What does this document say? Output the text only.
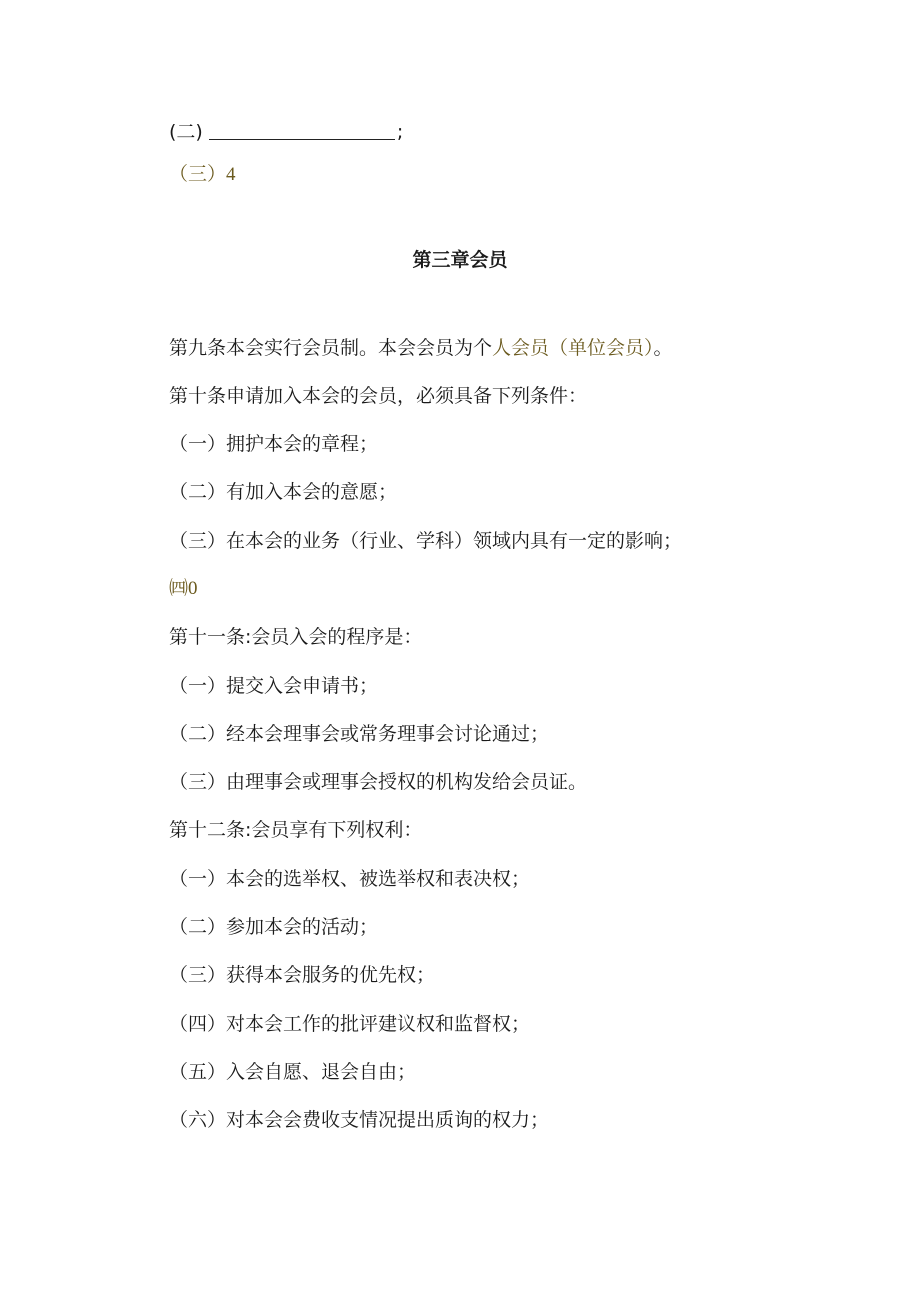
(二)	;
（三）4
第三章会员
第九条本会实行会员制。本会会员为个人会员（单位会员）。
第十条申请加入本会的会员，必须具备下列条件：
（一）拥护本会的章程；
（二）有加入本会的意愿；
（三）在本会的业务（行业、学科）领域内具有一定的影响；
㈣0
第十一条:会员入会的程序是：
（一）提交入会申请书；
（二）经本会理事会或常务理事会讨论通过；
（三）由理事会或理事会授权的机构发给会员证。
第十二条:会员享有下列权利：
（一）本会的选举权、被选举权和表决权；
（二）参加本会的活动；
（三）获得本会服务的优先权；
（四）对本会工作的批评建议权和监督权；
（五）入会自愿、退会自由；
（六）对本会会费收支情况提出质询的权力；
